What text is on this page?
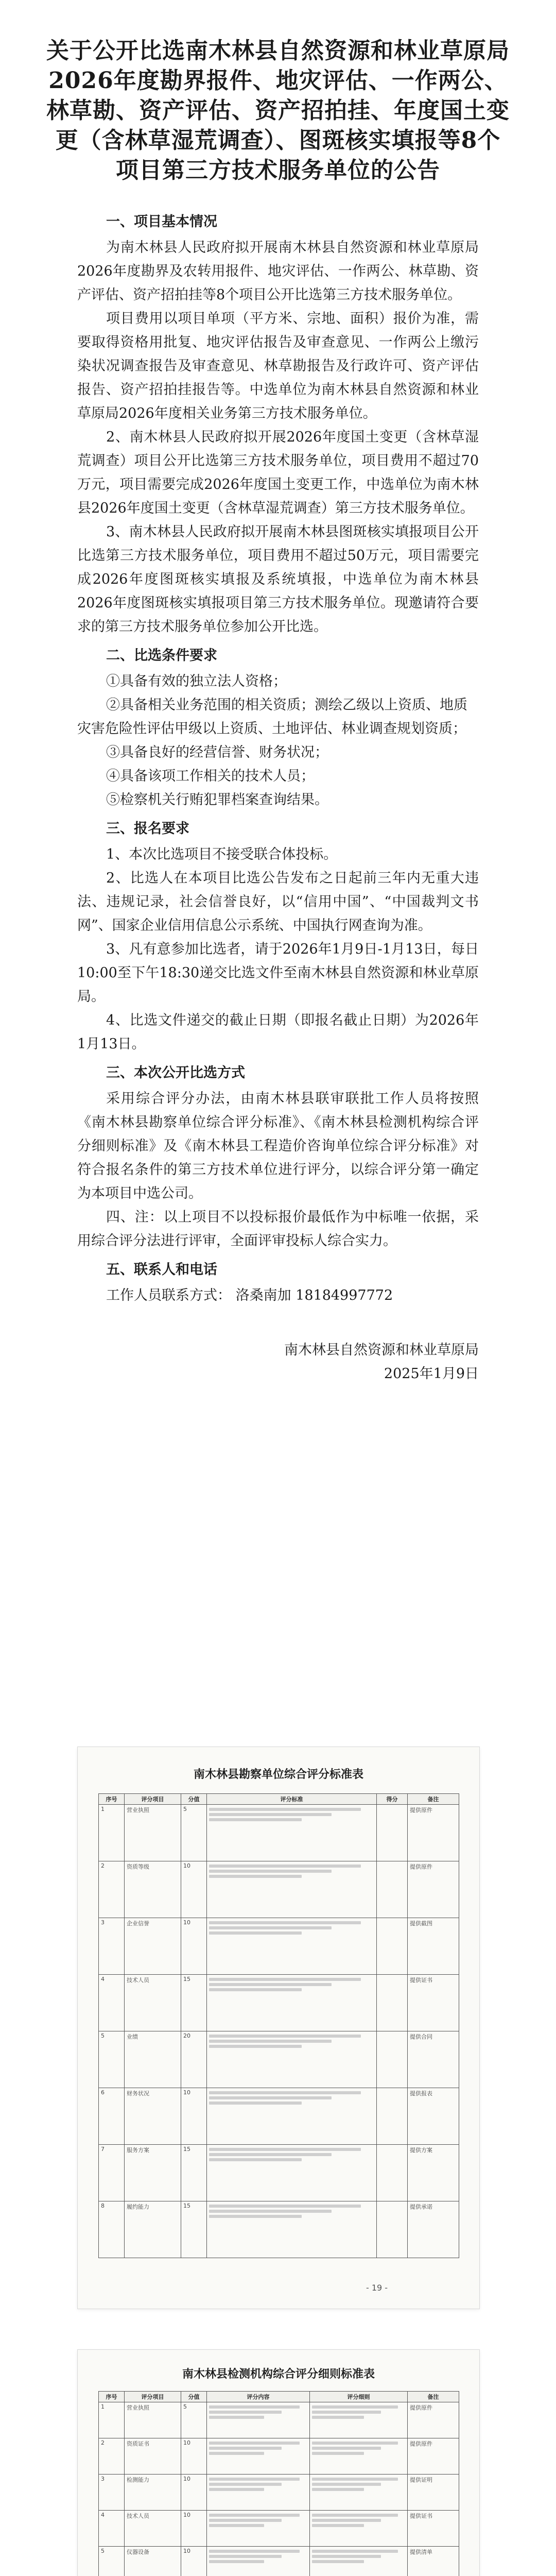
关于公开比选南木林县自然资源和林业草原局2026年度勘界报件、地灾评估、一作两公、林草勘、资产评估、资产招拍挂、年度国土变更（含林草湿荒调查）、图斑核实填报等8个项目第三方技术服务单位的公告

一、项目基本情况

为南木林县人民政府拟开展南木林县自然资源和林业草原局2026年度勘界及农转用报件、地灾评估、一作两公、林草勘、资产评估、资产招拍挂等8个项目公开比选第三方技术服务单位。

项目费用以项目单项（平方米、宗地、面积）报价为准，需要取得资格用批复、地灾评估报告及审查意见、一作两公上缴污染状况调查报告及审查意见、林草勘报告及行政许可、资产评估报告、资产招拍挂报告等。中选单位为南木林县自然资源和林业草原局2026年度相关业务第三方技术服务单位。

2、南木林县人民政府拟开展2026年度国土变更（含林草湿荒调查）项目公开比选第三方技术服务单位，项目费用不超过70万元，项目需要完成2026年度国土变更工作，中选单位为南木林县2026年度国土变更（含林草湿荒调查）第三方技术服务单位。

3、南木林县人民政府拟开展南木林县图斑核实填报项目公开比选第三方技术服务单位，项目费用不超过50万元，项目需要完成2026年度图斑核实填报及系统填报，中选单位为南木林县2026年度图斑核实填报项目第三方技术服务单位。现邀请符合要求的第三方技术服务单位参加公开比选。

二、比选条件要求

①具备有效的独立法人资格；

②具备相关业务范围的相关资质；测绘乙级以上资质、地质灾害危险性评估甲级以上资质、土地评估、林业调查规划资质；

③具备良好的经营信誉、财务状况；

④具备该项工作相关的技术人员；

⑤检察机关行贿犯罪档案查询结果。

三、报名要求

1、本次比选项目不接受联合体投标。

2、比选人在本项目比选公告发布之日起前三年内无重大违法、违规记录，社会信誉良好，以“信用中国”、“中国裁判文书网”、国家企业信用信息公示系统、中国执行网查询为准。

3、凡有意参加比选者，请于2026年1月9日-1月13日，每日10:00至下午18:30递交比选文件至南木林县自然资源和林业草原局。

4、比选文件递交的截止日期（即报名截止日期）为2026年1月13日。

三、本次公开比选方式

采用综合评分办法，由南木林县联审联批工作人员将按照《南木林县勘察单位综合评分标准》、《南木林县检测机构综合评分细则标准》及《南木林县工程造价咨询单位综合评分标准》对符合报名条件的第三方技术单位进行评分，以综合评分第一确定为本项目中选公司。

四、注：以上项目不以投标报价最低作为中标唯一依据，采用综合评分法进行评审，全面评审投标人综合实力。

五、联系人和电话

工作人员联系方式： 洛桑南加 18184997772

南木林县自然资源和林业草原局

2025年1月9日

南木林县勘察单位综合评分标准表
序号	评分项目	分值	评分标准	得分	备注
1	营业执照	5			提供原件
2	资质等级	10			提供原件
3	企业信誉	10			提供截图
4	技术人员	15			提供证书
5	业绩	20			提供合同
6	财务状况	10			提供报表
7	服务方案	15			提供方案
8	履约能力	15			提供承诺
- 19 -
南木林县检测机构综合评分细则标准表
序号	评分项目	分值	评分内容	评分细则	备注
1	营业执照	5			提供原件
2	资质证书	10			提供原件
3	检测能力	10			提供证明
4	技术人员	10			提供证书
5	仪器设备	10			提供清单
